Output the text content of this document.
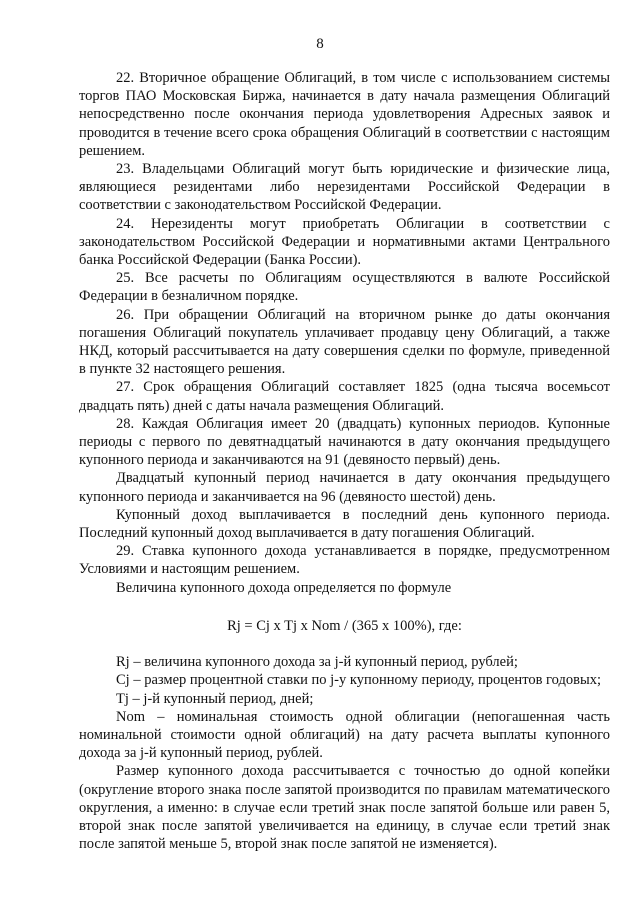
8

22. Вторичное обращение Облигаций, в том числе с использованием системы торгов ПАО Московская Биржа, начинается в дату начала размещения Облигаций непосредственно после окончания периода удовлетворения Адресных заявок и проводится в течение всего срока обращения Облигаций в соответствии с настоящим решением.

23. Владельцами Облигаций могут быть юридические и физические лица, являющиеся резидентами либо нерезидентами Российской Федерации в соответствии с законодательством Российской Федерации.

24. Нерезиденты могут приобретать Облигации в соответствии с законодательством Российской Федерации и нормативными актами Центрального банка Российской Федерации (Банка России).

25. Все расчеты по Облигациям осуществляются в валюте Российской Федерации в безналичном порядке.

26. При обращении Облигаций на вторичном рынке до даты окончания погашения Облигаций покупатель уплачивает продавцу цену Облигаций, а также НКД, который рассчитывается на дату совершения сделки по формуле, приведенной в пункте 32 настоящего решения.

27. Срок обращения Облигаций составляет 1825 (одна тысяча восемьсот двадцать пять) дней с даты начала размещения Облигаций.

28. Каждая Облигация имеет 20 (двадцать) купонных периодов. Купонные периоды с первого по девятнадцатый начинаются в дату окончания предыдущего купонного периода и заканчиваются на 91 (девяносто первый) день.

Двадцатый купонный период начинается в дату окончания предыдущего купонного периода и заканчивается на 96 (девяносто шестой) день.

Купонный доход выплачивается в последний день купонного периода. Последний купонный доход выплачивается в дату погашения Облигаций.

29. Ставка купонного дохода устанавливается в порядке, предусмотренном Условиями и настоящим решением.

Величина купонного дохода определяется по формуле

Rj = Cj x Tj x Nom / (365 x 100%), где:

Rj – величина купонного дохода за j-й купонный период, рублей;

Cj – размер процентной ставки по j-у купонному периоду, процентов годовых;

Tj – j-й купонный период, дней;

Nom – номинальная стоимость одной облигации (непогашенная часть номинальной стоимости одной облигаций) на дату расчета выплаты купонного дохода за j-й купонный период, рублей.

Размер купонного дохода рассчитывается с точностью до одной копейки (округление второго знака после запятой производится по правилам математического округления, а именно: в случае если третий знак после запятой больше или равен 5, второй знак после запятой увеличивается на единицу, в случае если третий знак после запятой меньше 5, второй знак после запятой не изменяется).
